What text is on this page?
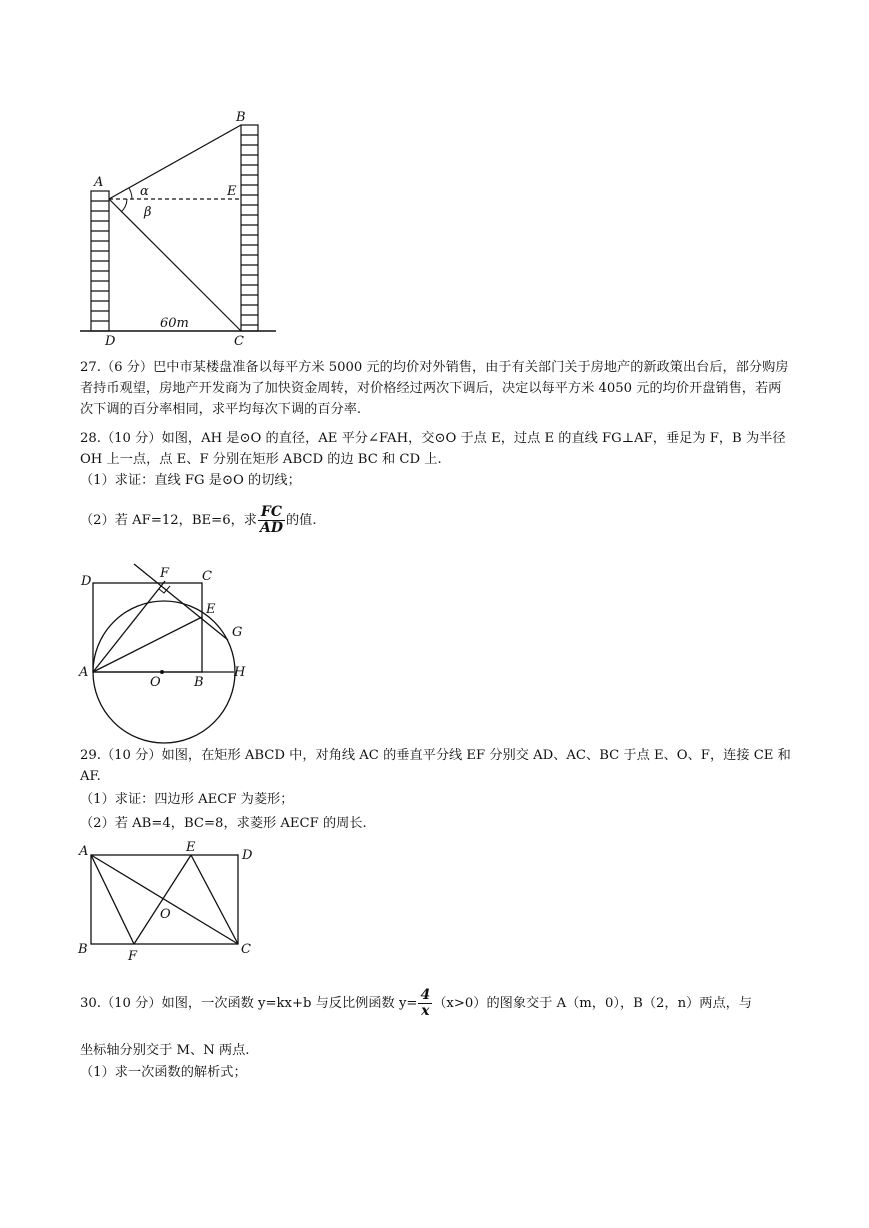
A
B
E
α
β
D	C
60m

27.（6 分）巴中市某楼盘准备以每平方米 5000 元的均价对外销售，由于有关部门关于房地产的新政策出台后，部分购房者持币观望，房地产开发商为了加快资金周转，对价格经过两次下调后，决定以每平方米 4050 元的均价开盘销售，若两次下调的百分率相同，求平均每次下调的百分率.

28.（10 分）如图，AH 是⊙O 的直径，AE 平分∠FAH，交⊙O 于点 E，过点 E 的直线 FG⊥AF，垂足为 F，B 为半径 OH 上一点，点 E、F 分别在矩形 ABCD 的边 BC 和 CD 上.

（1）求证：直线 FG 是⊙O 的切线；

（2）若 AF=12，BE=6，求 $\frac{FC}{AD}$ 的值.
D
F	C
E
G
A
O	B
H

29.（10 分）如图，在矩形 ABCD 中，对角线 AC 的垂直平分线 EF 分别交 AD、AC、BC 于点 E、O、F，连接 CE 和 AF.

（1）求证：四边形 AECF 为菱形；

（2）若 AB=4，BC=8，求菱形 AECF 的周长.

A	E
D
O
B	F	C
30.（10 分）如图，一次函数 y=kx+b 与反比例函数 $y= \frac{4}{x} (x>0)$的图象交于 A（m，0），B（2，n）两点，与

坐标轴分别交于 M、N 两点.

（1）求一次函数的解析式；
